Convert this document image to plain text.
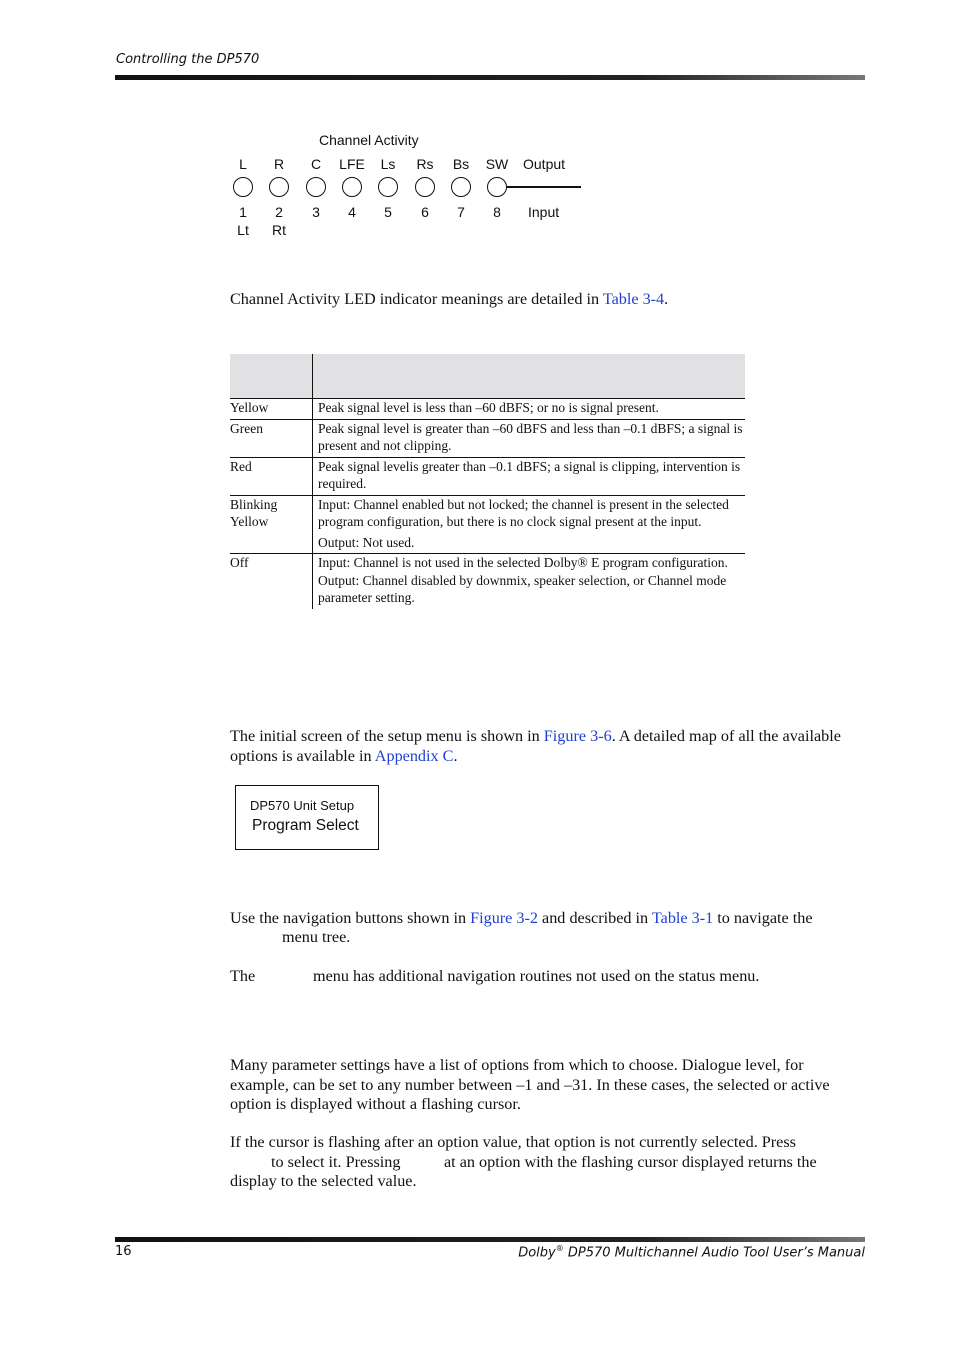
Controlling the DP570
Channel Activity
L
1
Lt
R
2
Rt
C
3
LFE
4
Ls
5
Rs
6
Bs
7
SW
8
Output
Input
Channel Activity LED indicator meanings are detailed in Table 3-4.

Yellow	Peak signal level is less than –60 dBFS; or no is signal present.

Green	Peak signal level is greater than –60 dBFS and less than –0.1 dBFS; a signal is present and not clipping.

Red	Peak signal levelis greater than –0.1 dBFS; a signal is clipping, intervention is required.

Blinking Yellow	Input: Channel enabled but not locked; the channel is present in the selected program configuration, but there is no clock signal present at the input.
Output: Not used.

Off	Input: Channel is not used in the selected Dolby® E program configuration.
Output: Channel disabled by downmix, speaker selection, or Channel mode parameter setting.
The initial screen of the setup menu is shown in Figure 3-6. A detailed map of all the available options is available in Appendix C.
DP570 Unit Setup
Program Select
Use the navigation buttons shown in Figure 3-2 and described in Table 3-1 to navigate the
menu tree.
The	menu has additional navigation routines not used on the status menu.
Many parameter settings have a list of options from which to choose. Dialogue level, for example, can be set to any number between –1 and –31. In these cases, the selected or active option is displayed without a flashing cursor.
If the cursor is flashing after an option value, that option is not currently selected. Press
to select it. Pressing	at an option with the flashing cursor displayed returns the
display to the selected value.
16	Dolby® DP570 Multichannel Audio Tool User’s Manual
